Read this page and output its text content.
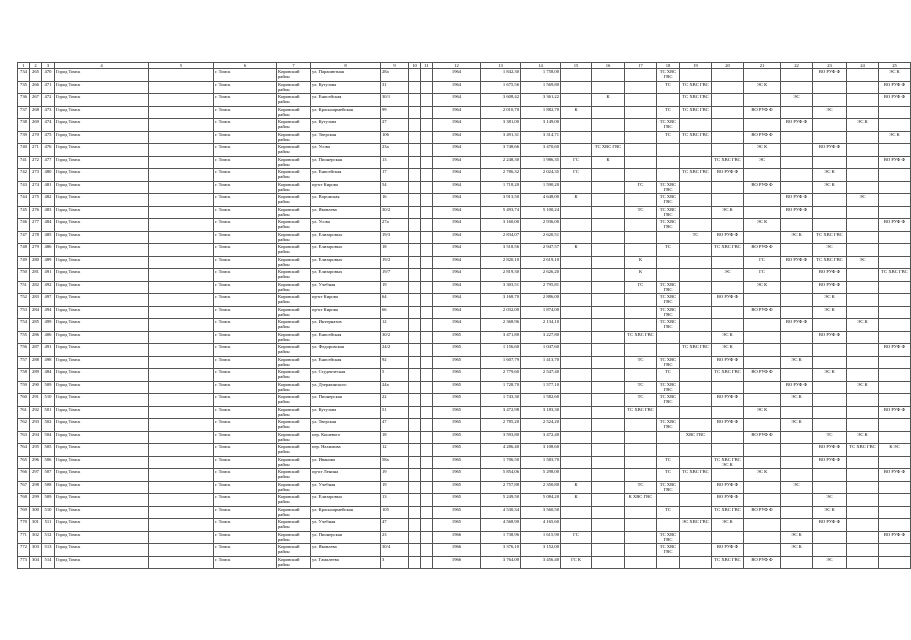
1	2	3	4	5	6	7	8	9	10	11	12	13	14	15	16	17	18	19	20	21	22	23	24	25
734	265	470	Город Томск		г. Томск	Кировский район	ул. Парашютная	28а			1964	1 842,30	1 758,00				ТС ХВС ГВС					ВО РУФ Ф		ЭС К
735	266	471	Город Томск		г. Томск	Кировский район	ул. Кутузова	31			1964	1 675,56	1 569,80				ТС	ТС ХВС ГВС		ЭС К				ВО РУФ Ф
736	267	472	Город Томск		г. Томск	Кировский район	ул. Енисейская	30/1			1964	3 608,42	3 361,22		К			ТС ХВС ГВС			ЭС			ВО РУФ Ф
737	268	473	Город Томск		г. Томск	Кировский район	ул. Красноармейская	99			1964	2 010,70	1 882,70	К			ТС	ТС ХВС ГВС		ВО РУФ Ф		ЭС		
738	269	474	Город Томск		г. Томск	Кировский район	ул. Кутузова	27			1964	3 381,00	3 149,00				ТС ХВС ГВС				ВО РУФ Ф		ЭС К	
739	270	475	Город Томск		г. Томск	Кировский район	ул. Тверская	106			1964	3 491,31	3 314,71				ТС	ТС ХВС ГВС		ВО РУФ Ф				ЭС К
740	271	476	Город Томск		г. Томск	Кировский район	ул. Усова	23а			1964	3 748,66	3 470,60		ТС ХВС ГВС					ЭС К		ВО РУФ Ф		
741	272	477	Город Томск		г. Томск	Кировский район	ул. Пионерская	13			1964	2 248,30	1 986,35	ГС	К				ТС ХВС ГВС	ЭС				ВО РУФ Ф
742	273	480	Город Томск		г. Томск	Кировский район	ул. Енисейская	17			1964	2 786,32	2 024,35	ГС				ТС ХВС ГВС	ВО РУФ Ф			ЭС К		
743	274	481	Город Томск		г. Томск	Кировский район	пр-кт Кирова	54			1964	1 718,20	1 590,20			ГС	ТС ХВС ГВС			ВО РУФ Ф		ЭС К		
744	275	482	Город Томск		г. Томск	Кировский район	ул. Воронская	16			1964	3 913,50	4 648,00	К			ТС ХВС ГВС				ВО РУФ Ф		ЭС	
745	276	483	Город Томск		г. Томск	Кировский район	ул. Яковлева	30/2			1964	5 493,74	5 100,24			ТС	ТС ХВС ГВС		ЭС К		ВО РУФ Ф			
746	277	484	Город Томск		г. Томск	Кировский район	ул. Усова	27а			1964	3 160,00	2 936,00				ТС ХВС ГВС			ЭС К				ВО РУФ Ф
747	278	485	Город Томск		г. Томск	Кировский район	ул. Елизаровых	19/3			1964	2 834,07	2 620,51					ТС	ВО РУФ Ф		ЭС К	ТС ХВС ГВС		
748	279	486	Город Томск		г. Томск	Кировский район	ул. Елизаровых	18			1964	3 518,56	2 947,57	К			ТС		ТС ХВС ГВС	ВО РУФ Ф		ЭС		
749	280	489	Город Томск		г. Томск	Кировский район	ул. Елизаровых	19/2			1964	2 820,10	2 619,10			К				ГС	ВО РУФ Ф	ТС ХВС ГВС	ЭС	
750	281	491	Город Томск		г. Томск	Кировский район	ул. Елизаровых	19/7			1964	2 819,30	2 626,20			К			ЭС	ГС		ВО РУФ Ф		ТС ХВС ГВС
751	282	492	Город Томск		г. Томск	Кировский район	ул. Учебная	19			1964	3 303,51	2 795,81			ГС	ТС ХВС ГВС			ЭС К		ВО РУФ Ф		
752	283	497	Город Томск		г. Томск	Кировский район	пр-кт Кирова	64			1964	3 168,70	2 886,00				ТС ХВС ГВС		ВО РУФ Ф			ЭС К		
753	284	494	Город Томск		г. Томск	Кировский район	пр-кт Кирова	66			1964	2 032,00	1 874,00				ТС ХВС ГВС			ВО РУФ Ф		ЭС К		
754	285	499	Город Томск		г. Томск	Кировский район	ул. Интернатов	12			1964	2 368,96	2 134,10				ТС ХВС ГВС				ВО РУФ Ф		ЭС К	
755	286	406	Город Томск		г. Томск	Кировский район	ул. Енисейская	30/2			1965	3 471,80	3 227,80			ТС ХВС ГВС			ЭС К			ВО РУФ Ф		
756	287	491	Город Томск		г. Томск	Кировский район	ул. Федоровская	24/2			1965	1 156,60	1 047,60					ТС ХВС ГВС	ЭС К					ВО РУФ Ф
757	288	498	Город Томск		г. Томск	Кировский район	ул. Енисейская	92			1965	1 607,79	1 413,70			ТС	ТС ХВС ГВС		ВО РУФ Ф		ЭС К			
758	289	484	Город Томск		г. Томск	Кировский район	ул. Студенческая	5			1965	2 779,60	2 547,40				ТС		ТС ХВС ГВС	ВО РУФ Ф		ЭС К		
759	290	509	Город Томск		г. Томск	Кировский район	ул. Дзержинского	24а			1965	1 728,70	1 577,10			ТС	ТС ХВС ГВС				ВО РУФ Ф		ЭС К	
760	291	510	Город Томск		г. Томск	Кировский район	ул. Пионерская	22			1965	1 743,30	1 582,60			ТС	ТС ХВС ГВС		ВО РУФ Ф		ЭС К			
761	292	501	Город Томск		г. Томск	Кировский район	ул. Кутузова	51			1965	3 472,98	3 183,30			ТС ХВС ГВС				ЭС К				ВО РУФ Ф
762	293	502	Город Томск		г. Томск	Кировский район	ул. Тверская	47			1965	2 785,20	2 524,20				ТС ХВС ГВС		ВО РУФ Ф		ЭС К			
763	294	504	Город Томск		г. Томск	Кировский район	пер. Кошевого	18			1965	3 593,80	3 472,40					ХВС ГВС		ВО РУФ Ф		ТС	ЭС К	
764	295	505	Город Томск		г. Томск	Кировский район	пер. Нахимова	12			1965	4 286,40	3 108,60									ВО РУФ Ф	ТС ХВС ГВС	К ЭС
765	296	506	Город Томск		г. Томск	Кировский район	ул. Иванова	58а			1965	1 706,50	1 583,70				ТС		ТС ХВС ГВС ЭС К			ВО РУФ Ф		
766	297	507	Город Томск		г. Томск	Кировский район	пр-кт Ленина	19			1965	5 854,06	5 298,00				ТС	ТС ХВС ГВС		ЭС К				ВО РУФ Ф
767	298	508	Город Томск		г. Томск	Кировский район	ул. Учебная	19			1965	2 757,88	2 350,80	К		ТС	ТС ХВС ГВС		ВО РУФ Ф		ЭС			
768	299	509	Город Томск		г. Томск	Кировский район	ул. Елизаровых	13			1965	5 249,50	5 084,20	К		К ХВС ГВС			ВО РУФ Ф			ЭС		
769	300	510	Город Томск		г. Томск	Кировский район	ул. Красноармейская	105			1965	4 530,34	3 560,50				ТС		ТС ХВС ГВС	ВО РУФ Ф		ЭС К		
770	301	511	Город Томск		г. Томск	Кировский район	ул. Учебная	47			1965	4 568,90	4 165,60					ЭС ХВС ГВС	ЭС К			ВО РУФ Ф		
771	302	512	Город Томск		г. Томск	Кировский район	ул. Пионерская	23			1966	1 738,96	1 615,90	ГС			ТС ХВС ГВС				ЭС К			ВО РУФ Ф
772	303	513	Город Томск		г. Томск	Кировский район	ул. Яковлева	30/4			1966	3 376,10	3 152,00				ТС ХВС ГВС		ВО РУФ Ф		ЭС К			
773	304	514	Город Томск		г. Томск	Кировский район	ул. Гамалеева	3			1966	3 764,00	3 456,40	ГС К					ТС ХВС ГВС	ВО РУФ Ф		ЭС		
